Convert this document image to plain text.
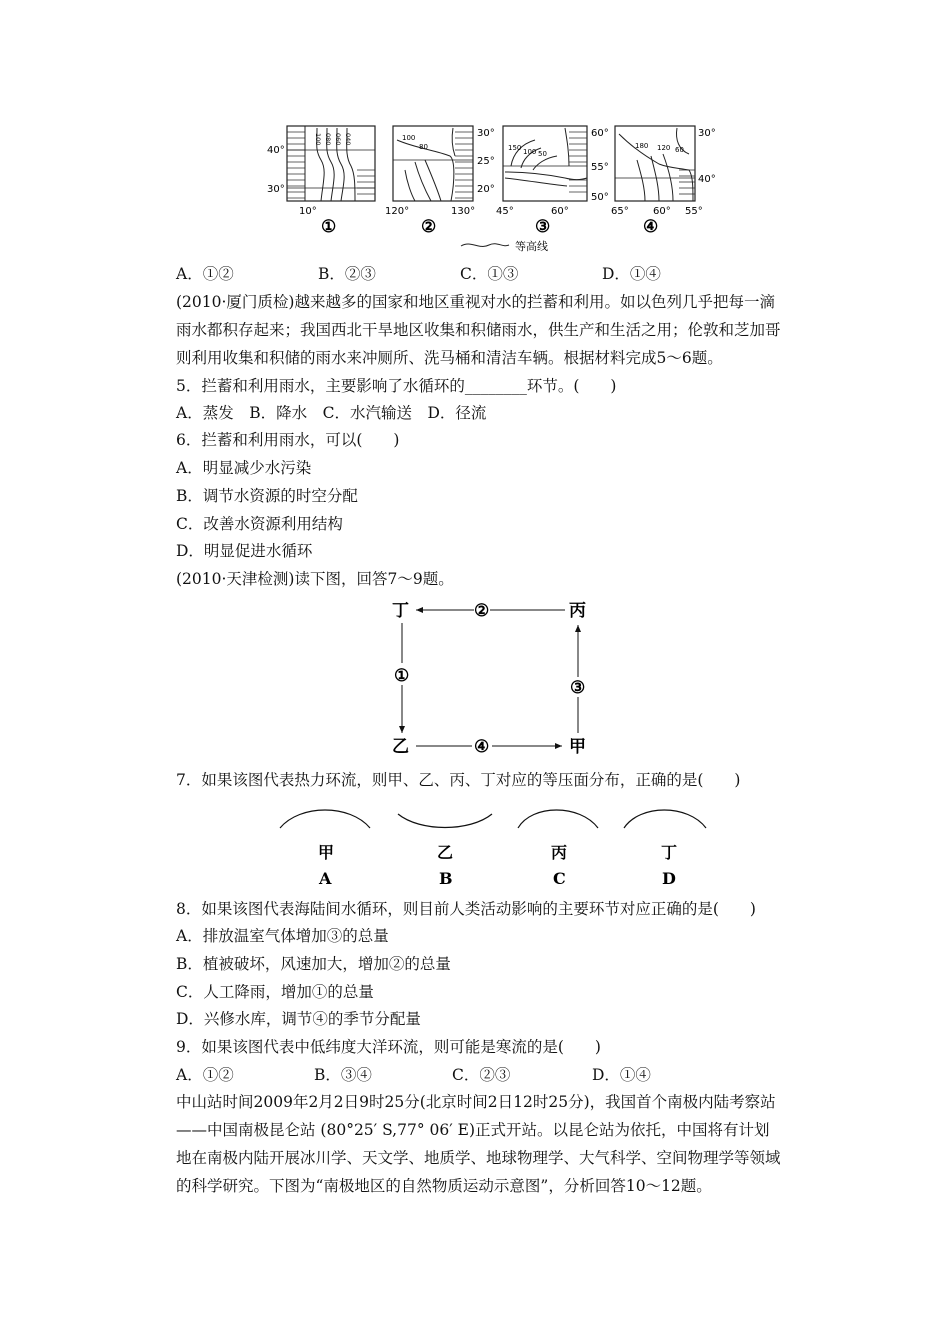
100 080 060 040
40°
30°
10°
①
100
80
30°
25°
20°
120°	130°
②
150 100 50
60°
55°
50°
45°	60°
③
180 120 60
30°
40°
65° 60° 55°
④
等高线
A．①②	B．②③	C．①③	D．①④
(2010·厦门质检)越来越多的国家和地区重视对水的拦蓄和利用。如以色列几乎把每一滴雨水都积存起来；我国西北干旱地区收集和积储雨水，供生产和生活之用；伦敦和芝加哥则利用收集和积储的雨水来冲厕所、洗马桶和清洁车辆。根据材料完成5～6题。
5．拦蓄和利用雨水，主要影响了水循环的________环节。(　　)
A．蒸发　B．降水　C．水汽输送　D．径流
6．拦蓄和利用雨水，可以(　　)
A．明显减少水污染
B．调节水资源的时空分配
C．改善水资源利用结构
D．明显促进水循环
(2010·天津检测)读下图，回答7～9题。
丁	丙
乙	甲
②
①
③
④
7．如果该图代表热力环流，则甲、乙、丙、丁对应的等压面分布，正确的是(　　)
甲
A
乙
B
丙
C
丁
D
8．如果该图代表海陆间水循环，则目前人类活动影响的主要环节对应正确的是(　　)
A．排放温室气体增加③的总量
B．植被破坏，风速加大，增加②的总量
C．人工降雨，增加①的总量
D．兴修水库，调节④的季节分配量
9．如果该图代表中低纬度大洋环流，则可能是寒流的是(　　)
A．①②	B．③④	C．②③	D．①④
中山站时间2009年2月2日9时25分(北京时间2日12时25分)，我国首个南极内陆考察站——中国南极昆仑站 (80°25′ S,77° 06′ E)正式开站。以昆仑站为依托，中国将有计划地在南极内陆开展冰川学、天文学、地质学、地球物理学、大气科学、空间物理学等领域的科学研究。下图为“南极地区的自然物质运动示意图”，分析回答10～12题。
